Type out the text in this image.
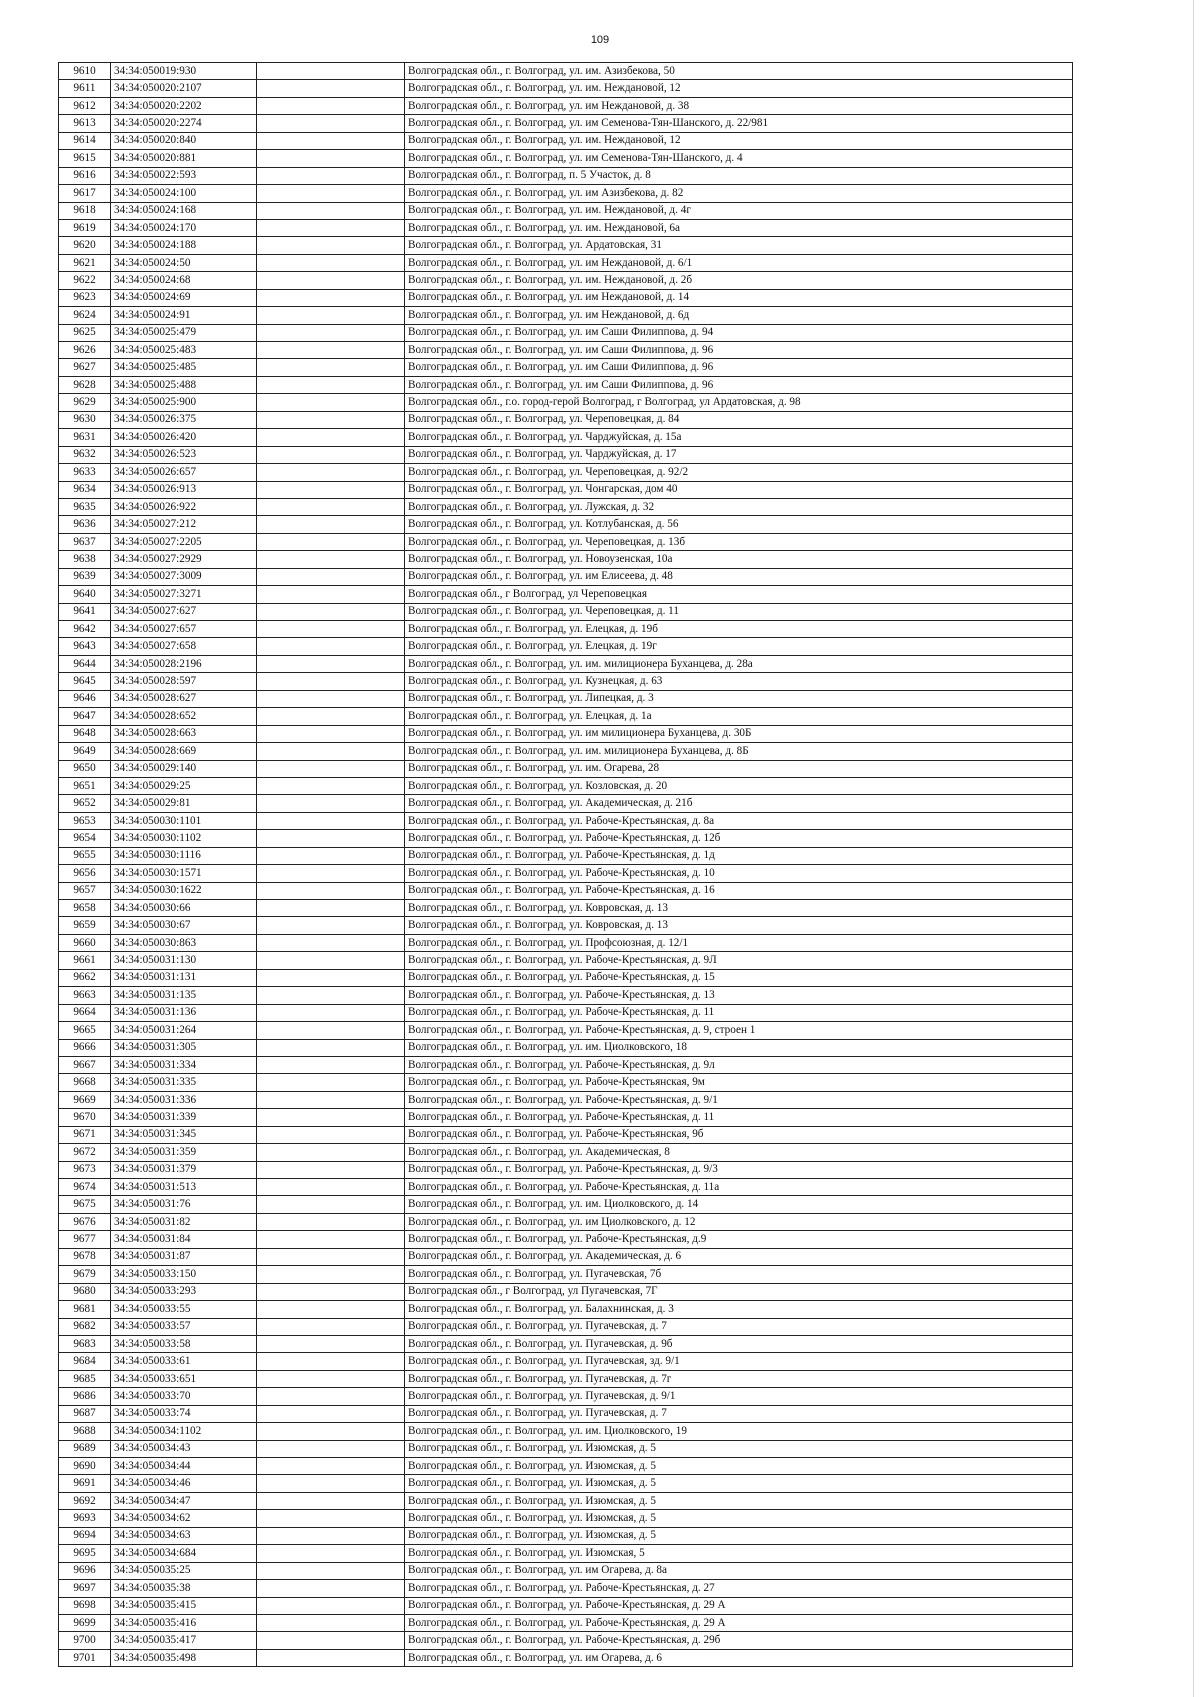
109
9610	34:34:050019:930		Волгоградская обл., г. Волгоград, ул. им. Азизбекова, 50
9611	34:34:050020:2107		Волгоградская обл., г. Волгоград, ул. им. Неждановой, 12
9612	34:34:050020:2202		Волгоградская обл., г. Волгоград, ул. им Неждановой, д. 38
9613	34:34:050020:2274		Волгоградская обл., г. Волгоград, ул. им Семенова-Тян-Шанского, д. 22/981
9614	34:34:050020:840		Волгоградская обл., г. Волгоград, ул. им. Неждановой, 12
9615	34:34:050020:881		Волгоградская обл., г. Волгоград, ул. им Семенова-Тян-Шанского, д. 4
9616	34:34:050022:593		Волгоградская обл., г. Волгоград, п. 5 Участок, д. 8
9617	34:34:050024:100		Волгоградская обл., г. Волгоград, ул. им Азизбекова, д. 82
9618	34:34:050024:168		Волгоградская обл., г. Волгоград, ул. им. Неждановой, д. 4г
9619	34:34:050024:170		Волгоградская обл., г. Волгоград, ул. им. Неждановой, 6а
9620	34:34:050024:188		Волгоградская обл., г. Волгоград, ул. Ардатовская, 31
9621	34:34:050024:50		Волгоградская обл., г. Волгоград, ул. им Неждановой, д. 6/1
9622	34:34:050024:68		Волгоградская обл., г. Волгоград, ул. им. Неждановой, д. 2б
9623	34:34:050024:69		Волгоградская обл., г. Волгоград, ул. им Неждановой, д. 14
9624	34:34:050024:91		Волгоградская обл., г. Волгоград, ул. им Неждановой, д. 6д
9625	34:34:050025:479		Волгоградская обл., г. Волгоград, ул. им Саши Филиппова, д. 94
9626	34:34:050025:483		Волгоградская обл., г. Волгоград, ул. им Саши Филиппова, д. 96
9627	34:34:050025:485		Волгоградская обл., г. Волгоград, ул. им Саши Филиппова, д. 96
9628	34:34:050025:488		Волгоградская обл., г. Волгоград, ул. им Саши Филиппова, д. 96
9629	34:34:050025:900		Волгоградская обл., г.о. город-герой Волгоград, г Волгоград, ул Ардатовская, д. 98
9630	34:34:050026:375		Волгоградская обл., г. Волгоград, ул. Череповецкая, д. 84
9631	34:34:050026:420		Волгоградская обл., г. Волгоград, ул. Чарджуйская, д. 15а
9632	34:34:050026:523		Волгоградская обл., г. Волгоград, ул. Чарджуйская, д. 17
9633	34:34:050026:657		Волгоградская обл., г. Волгоград, ул. Череповецкая, д. 92/2
9634	34:34:050026:913		Волгоградская обл., г. Волгоград, ул. Чонгарская, дом 40
9635	34:34:050026:922		Волгоградская обл., г. Волгоград, ул. Лужская, д. 32
9636	34:34:050027:212		Волгоградская обл., г. Волгоград, ул. Котлубанская, д. 56
9637	34:34:050027:2205		Волгоградская обл., г. Волгоград, ул. Череповецкая, д. 13б
9638	34:34:050027:2929		Волгоградская обл., г. Волгоград, ул. Новоузенская, 10а
9639	34:34:050027:3009		Волгоградская обл., г. Волгоград, ул. им Елисеева, д. 48
9640	34:34:050027:3271		Волгоградская обл., г Волгоград, ул Череповецкая
9641	34:34:050027:627		Волгоградская обл., г. Волгоград, ул. Череповецкая, д. 11
9642	34:34:050027:657		Волгоградская обл., г. Волгоград, ул. Елецкая, д. 19б
9643	34:34:050027:658		Волгоградская обл., г. Волгоград, ул. Елецкая, д. 19г
9644	34:34:050028:2196		Волгоградская обл., г. Волгоград, ул. им. милиционера Буханцева, д. 28а
9645	34:34:050028:597		Волгоградская обл., г. Волгоград, ул. Кузнецкая, д. 63
9646	34:34:050028:627		Волгоградская обл., г. Волгоград, ул. Липецкая, д. 3
9647	34:34:050028:652		Волгоградская обл., г. Волгоград, ул. Елецкая, д. 1а
9648	34:34:050028:663		Волгоградская обл., г. Волгоград, ул. им милиционера Буханцева, д. 30Б
9649	34:34:050028:669		Волгоградская обл., г. Волгоград, ул. им. милиционера Буханцева, д. 8Б
9650	34:34:050029:140		Волгоградская обл., г. Волгоград, ул. им. Огарева, 28
9651	34:34:050029:25		Волгоградская обл., г. Волгоград, ул. Козловская, д. 20
9652	34:34:050029:81		Волгоградская обл., г. Волгоград, ул. Академическая, д. 21б
9653	34:34:050030:1101		Волгоградская обл., г. Волгоград, ул. Рабоче-Крестьянская, д. 8а
9654	34:34:050030:1102		Волгоградская обл., г. Волгоград, ул. Рабоче-Крестьянская, д. 12б
9655	34:34:050030:1116		Волгоградская обл., г. Волгоград, ул. Рабоче-Крестьянская, д. 1д
9656	34:34:050030:1571		Волгоградская обл., г. Волгоград, ул. Рабоче-Крестьянская, д. 10
9657	34:34:050030:1622		Волгоградская обл., г. Волгоград, ул. Рабоче-Крестьянская, д. 16
9658	34:34:050030:66		Волгоградская обл., г. Волгоград, ул. Ковровская, д. 13
9659	34:34:050030:67		Волгоградская обл., г. Волгоград, ул. Ковровская, д. 13
9660	34:34:050030:863		Волгоградская обл., г. Волгоград, ул. Профсоюзная, д. 12/1
9661	34:34:050031:130		Волгоградская обл., г. Волгоград, ул. Рабоче-Крестьянская, д. 9Л
9662	34:34:050031:131		Волгоградская обл., г. Волгоград, ул. Рабоче-Крестьянская, д. 15
9663	34:34:050031:135		Волгоградская обл., г. Волгоград, ул. Рабоче-Крестьянская, д. 13
9664	34:34:050031:136		Волгоградская обл., г. Волгоград, ул. Рабоче-Крестьянская, д. 11
9665	34:34:050031:264		Волгоградская обл., г. Волгоград, ул. Рабоче-Крестьянская, д. 9, строен 1
9666	34:34:050031:305		Волгоградская обл., г. Волгоград, ул. им. Циолковского, 18
9667	34:34:050031:334		Волгоградская обл., г. Волгоград, ул. Рабоче-Крестьянская, д. 9л
9668	34:34:050031:335		Волгоградская обл., г. Волгоград, ул. Рабоче-Крестьянская, 9м
9669	34:34:050031:336		Волгоградская обл., г. Волгоград, ул. Рабоче-Крестьянская, д. 9/1
9670	34:34:050031:339		Волгоградская обл., г. Волгоград, ул. Рабоче-Крестьянская, д. 11
9671	34:34:050031:345		Волгоградская обл., г. Волгоград, ул. Рабоче-Крестьянская, 9б
9672	34:34:050031:359		Волгоградская обл., г. Волгоград, ул. Академическая, 8
9673	34:34:050031:379		Волгоградская обл., г. Волгоград, ул. Рабоче-Крестьянская, д. 9/3
9674	34:34:050031:513		Волгоградская обл., г. Волгоград, ул. Рабоче-Крестьянская, д. 11а
9675	34:34:050031:76		Волгоградская обл., г. Волгоград, ул. им. Циолковского, д. 14
9676	34:34:050031:82		Волгоградская обл., г. Волгоград, ул. им Циолковского, д. 12
9677	34:34:050031:84		Волгоградская обл., г. Волгоград, ул. Рабоче-Крестьянская, д.9
9678	34:34:050031:87		Волгоградская обл., г. Волгоград, ул. Академическая, д. 6
9679	34:34:050033:150		Волгоградская обл., г. Волгоград, ул. Пугачевская, 7б
9680	34:34:050033:293		Волгоградская обл., г Волгоград, ул Пугачевская, 7Г
9681	34:34:050033:55		Волгоградская обл., г. Волгоград, ул. Балахнинская, д. 3
9682	34:34:050033:57		Волгоградская обл., г. Волгоград, ул. Пугачевская, д. 7
9683	34:34:050033:58		Волгоградская обл., г. Волгоград, ул. Пугачевская, д. 9б
9684	34:34:050033:61		Волгоградская обл., г. Волгоград, ул. Пугачевская, зд. 9/1
9685	34:34:050033:651		Волгоградская обл., г. Волгоград, ул. Пугачевская, д. 7г
9686	34:34:050033:70		Волгоградская обл., г. Волгоград, ул. Пугачевская, д. 9/1
9687	34:34:050033:74		Волгоградская обл., г. Волгоград, ул. Пугачевская, д. 7
9688	34:34:050034:1102		Волгоградская обл., г. Волгоград, ул. им. Циолковского, 19
9689	34:34:050034:43		Волгоградская обл., г. Волгоград, ул. Изюмская, д. 5
9690	34:34:050034:44		Волгоградская обл., г. Волгоград, ул. Изюмская, д. 5
9691	34:34:050034:46		Волгоградская обл., г. Волгоград, ул. Изюмская, д. 5
9692	34:34:050034:47		Волгоградская обл., г. Волгоград, ул. Изюмская, д. 5
9693	34:34:050034:62		Волгоградская обл., г. Волгоград, ул. Изюмская, д. 5
9694	34:34:050034:63		Волгоградская обл., г. Волгоград, ул. Изюмская, д. 5
9695	34:34:050034:684		Волгоградская обл., г. Волгоград, ул. Изюмская, 5
9696	34:34:050035:25		Волгоградская обл., г. Волгоград, ул. им Огарева, д. 8а
9697	34:34:050035:38		Волгоградская обл., г. Волгоград, ул. Рабоче-Крестьянская, д. 27
9698	34:34:050035:415		Волгоградская обл., г. Волгоград, ул. Рабоче-Крестьянская, д. 29 А
9699	34:34:050035:416		Волгоградская обл., г. Волгоград, ул. Рабоче-Крестьянская, д. 29 А
9700	34:34:050035:417		Волгоградская обл., г. Волгоград, ул. Рабоче-Крестьянская, д. 29б
9701	34:34:050035:498		Волгоградская обл., г. Волгоград, ул. им Огарева, д. 6
